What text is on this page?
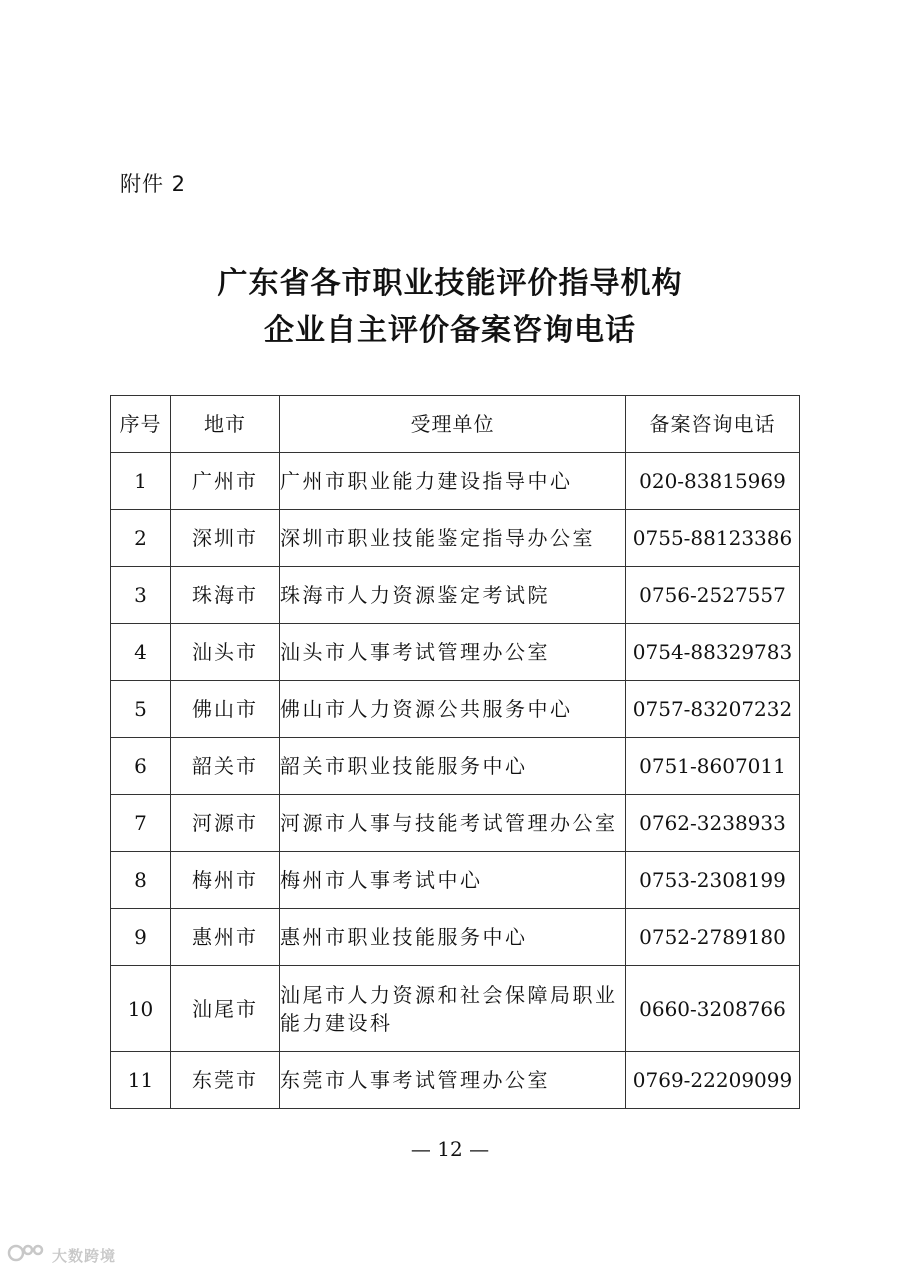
附件 2
广东省各市职业技能评价指导机构
企业自主评价备案咨询电话
序号	地市	受理单位	备案咨询电话
1	广州市	广州市职业能力建设指导中心	020-83815969
2	深圳市	深圳市职业技能鉴定指导办公室	0755-88123386
3	珠海市	珠海市人力资源鉴定考试院	0756-2527557
4	汕头市	汕头市人事考试管理办公室	0754-88329783
5	佛山市	佛山市人力资源公共服务中心	0757-83207232
6	韶关市	韶关市职业技能服务中心	0751-8607011
7	河源市	河源市人事与技能考试管理办公室	0762-3238933
8	梅州市	梅州市人事考试中心	0753-2308199
9	惠州市	惠州市职业技能服务中心	0752-2789180
10	汕尾市	汕尾市人力资源和社会保障局职业能力建设科	0660-3208766
11	东莞市	东莞市人事考试管理办公室	0769-22209099
— 12 —
大数跨境
